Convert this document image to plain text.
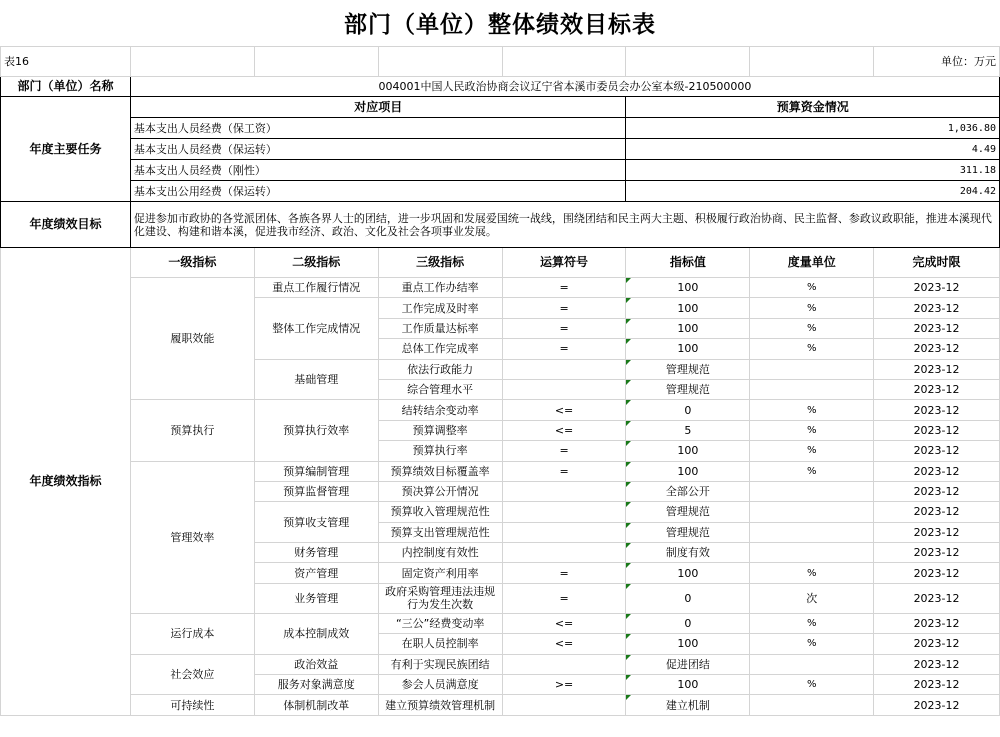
部门（单位）整体绩效目标表
表16							单位：万元
部门（单位）名称	004001中国人民政治协商会议辽宁省本溪市委员会办公室本级-210500000						
年度主要任务	对应项目				预算资金情况		
	基本支出人员经费（保工资）				1,036.80		
	基本支出人员经费（保运转）				4.49		
	基本支出人员经费（刚性）				311.18		
	基本支出公用经费（保运转）				204.42		
年度绩效目标	促进参加市政协的各党派团体、各族各界人士的团结，进一步巩固和发展爱国统一战线，围绕团结和民主两大主题、积极履行政治协商、民主监督、参政议政职能，推进本溪现代化建设、构建和谐本溪，促进我市经济、政治、文化及社会各项事业发展。						
年度绩效指标	一级指标	二级指标	三级指标	运算符号	指标值	度量单位	完成时限
	履职效能	重点工作履行情况	重点工作办结率	=	100	%	2023-12
		整体工作完成情况	工作完成及时率	=	100	%	2023-12
			工作质量达标率	=	100	%	2023-12
			总体工作完成率	=	100	%	2023-12
		基础管理	依法行政能力		管理规范		2023-12
			综合管理水平		管理规范		2023-12
	预算执行	预算执行效率	结转结余变动率	<=	0	%	2023-12
			预算调整率	<=	5	%	2023-12
			预算执行率	=	100	%	2023-12
	管理效率	预算编制管理	预算绩效目标覆盖率	=	100	%	2023-12
		预算监督管理	预决算公开情况		全部公开		2023-12
		预算收支管理	预算收入管理规范性		管理规范		2023-12
			预算支出管理规范性		管理规范		2023-12
		财务管理	内控制度有效性		制度有效		2023-12
		资产管理	固定资产利用率	=	100	%	2023-12
		业务管理	政府采购管理违法违规行为发生次数	=	0	次	2023-12
	运行成本	成本控制成效	“三公”经费变动率	<=	0	%	2023-12
			在职人员控制率	<=	100	%	2023-12
	社会效应	政治效益	有利于实现民族团结		促进团结		2023-12
		服务对象满意度	参会人员满意度	>=	100	%	2023-12
	可持续性	体制机制改革	建立预算绩效管理机制		建立机制		2023-12
